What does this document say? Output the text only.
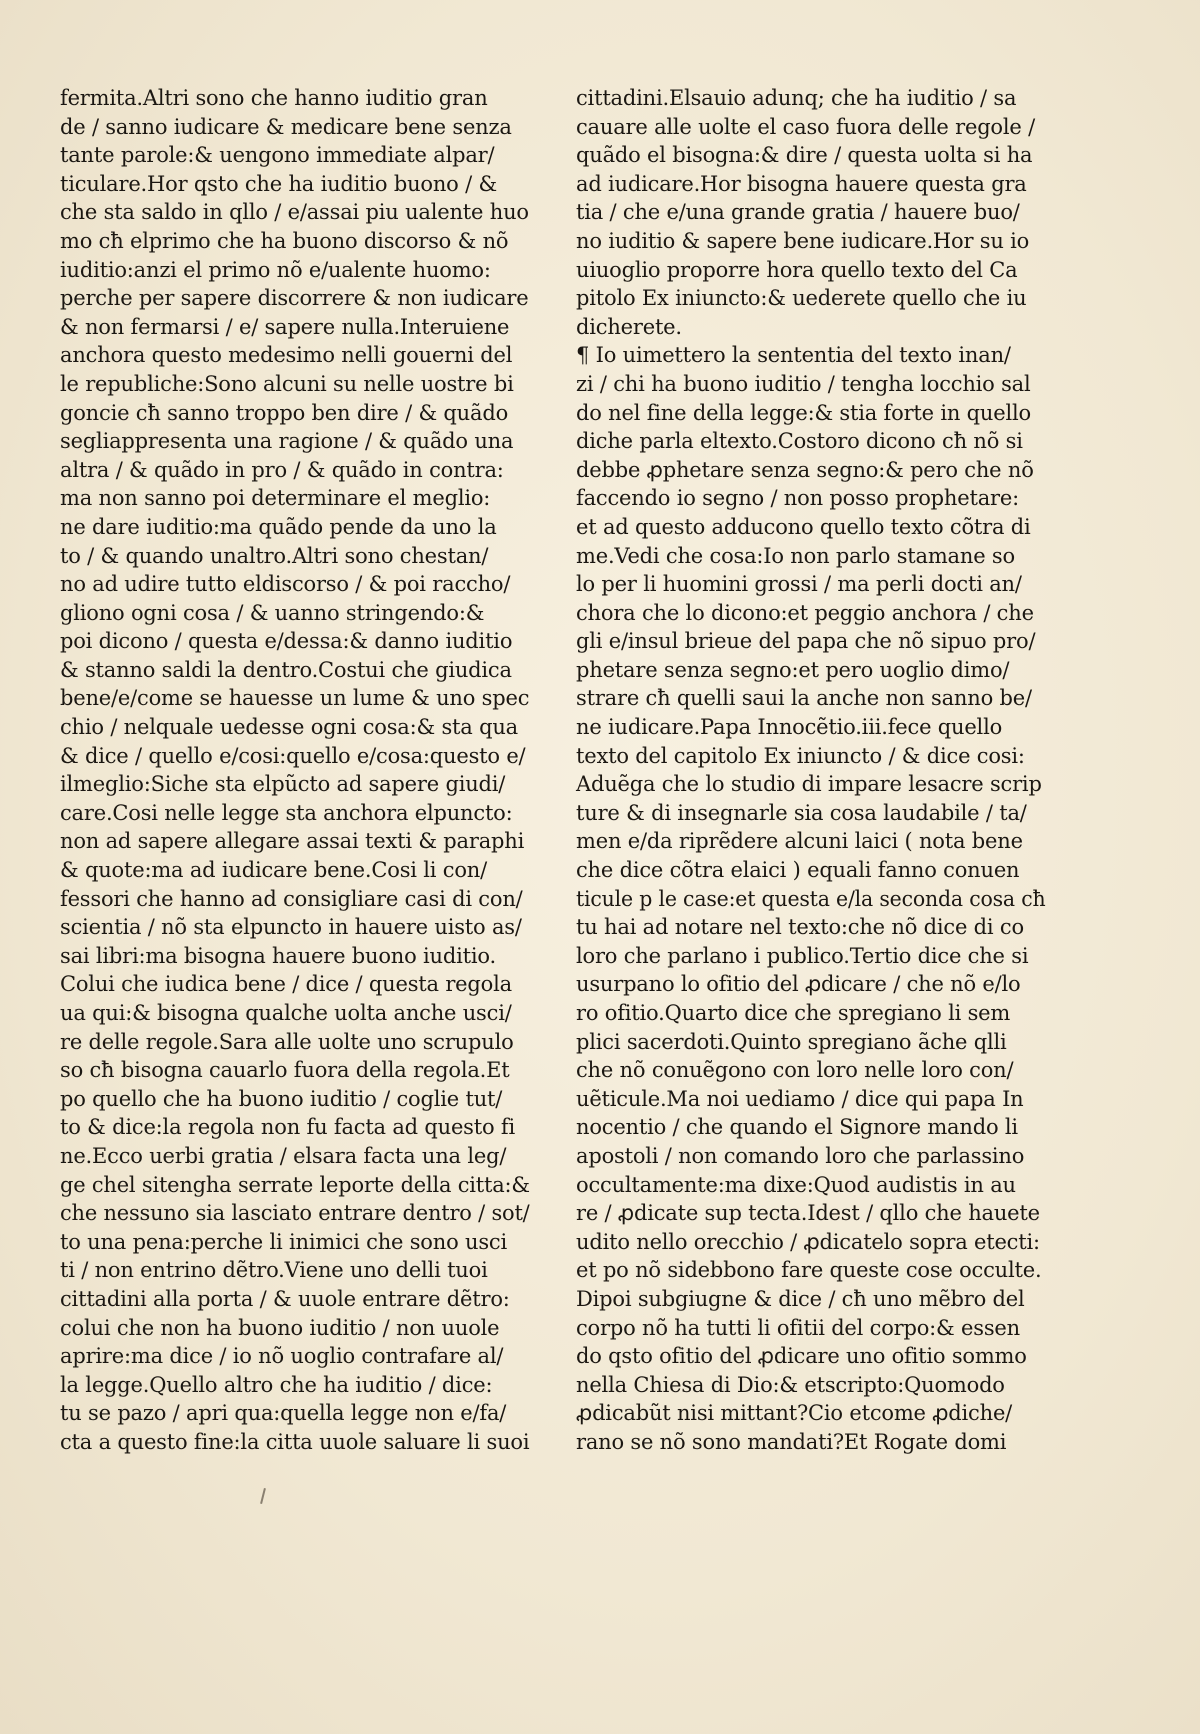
fermita.Altri sono che hanno iuditio gran
de / sanno iudicare & medicare bene senza
tante parole:& uengono immediate alpar/
ticulare.Hor qsto che ha iuditio buono / &
che sta saldo in qllo / e/assai piu ualente huo
mo cħ elprimo che ha buono discorso & nõ
iuditio:anzi el primo nõ e/ualente huomo:
perche per sapere discorrere & non iudicare
& non fermarsi / e/ sapere nulla.Interuiene
anchora questo medesimo nelli gouerni del
le republiche:Sono alcuni su nelle uostre bi
goncie cħ sanno troppo ben dire / & quãdo
segliappresenta una ragione / & quãdo una
altra / & quãdo in pro / & quãdo in contra:
ma non sanno poi determinare el meglio:
ne dare iuditio:ma quãdo pende da uno la
to / & quando unaltro.Altri sono chestan/
no ad udire tutto eldiscorso / & poi raccho/
gliono ogni cosa / & uanno stringendo:&
poi dicono / questa e/dessa:& danno iuditio
& stanno saldi la dentro.Costui che giudica
bene/e/come se hauesse un lume & uno spec
chio / nelquale uedesse ogni cosa:& sta qua
& dice / quello e/cosi:quello e/cosa:questo e/
ilmeglio:Siche sta elpũcto ad sapere giudi/
care.Cosi nelle legge sta anchora elpuncto:
non ad sapere allegare assai texti & paraphi
& quote:ma ad iudicare bene.Cosi li con/
fessori che hanno ad consigliare casi di con/
scientia / nõ sta elpuncto in hauere uisto as/
sai libri:ma bisogna hauere buono iuditio.
Colui che iudica bene / dice / questa regola
ua qui:& bisogna qualche uolta anche usci/
re delle regole.Sara alle uolte uno scrupulo
so cħ bisogna cauarlo fuora della regola.Et
po quello che ha buono iuditio / coglie tut/
to & dice:la regola non fu facta ad questo fi
ne.Ecco uerbi gratia / elsara facta una leg/
ge chel sitengha serrate leporte della citta:&
che nessuno sia lasciato entrare dentro / sot/
to una pena:perche li inimici che sono usci
ti / non entrino dẽtro.Viene uno delli tuoi
cittadini alla porta / & uuole entrare dẽtro:
colui che non ha buono iuditio / non uuole
aprire:ma dice / io nõ uoglio contrafare al/
la legge.Quello altro che ha iuditio / dice:
tu se pazo / apri qua:quella legge non e/fa/
cta a questo fine:la citta uuole saluare li suoi
cittadini.Elsauio adunq; che ha iuditio / sa
cauare alle uolte el caso fuora delle regole /
quãdo el bisogna:& dire / questa uolta si ha
ad iudicare.Hor bisogna hauere questa gra
tia / che e/una grande gratia / hauere buo/
no iuditio & sapere bene iudicare.Hor su io
uiuoglio proporre hora quello texto del Ca
pitolo Ex iniuncto:& uederete quello che iu
dicherete.
¶ Io uimettero la sententia del texto inan/
zi / chi ha buono iuditio / tengha locchio sal
do nel fine della legge:& stia forte in quello
diche parla eltexto.Costoro dicono cħ nõ si
debbe ꝓphetare senza segno:& pero che nõ
faccendo io segno / non posso prophetare:
et ad questo adducono quello texto cõtra di
me.Vedi che cosa:Io non parlo stamane so
lo per li huomini grossi / ma perli docti an/
chora che lo dicono:et peggio anchora / che
gli e/insul brieue del papa che nõ sipuo pro/
phetare senza segno:et pero uoglio dimo/
strare cħ quelli saui la anche non sanno be/
ne iudicare.Papa Innocẽtio.iii.fece quello
texto del capitolo Ex iniuncto / & dice cosi:
Aduẽga che lo studio di impare lesacre scrip
ture & di insegnarle sia cosa laudabile / ta/
men e/da riprẽdere alcuni laici ( nota bene
che dice cõtra elaici ) equali fanno conuen
ticule p le case:et questa e/la seconda cosa cħ
tu hai ad notare nel texto:che nõ dice di co
loro che parlano i publico.Tertio dice che si
usurpano lo ofitio del ꝓdicare / che nõ e/lo
ro ofitio.Quarto dice che spregiano li sem
plici sacerdoti.Quinto spregiano ãche qlli
che nõ conuẽgono con loro nelle loro con/
uẽticule.Ma noi uediamo / dice qui papa In
nocentio / che quando el Signore mando li
apostoli / non comando loro che parlassino
occultamente:ma dixe:Quod audistis in au
re / ꝓdicate sup tecta.Idest / qllo che hauete
udito nello orecchio / ꝓdicatelo sopra etecti:
et po nõ sidebbono fare queste cose occulte.
Dipoi subgiugne & dice / cħ uno mẽbro del
corpo nõ ha tutti li ofitii del corpo:& essen
do qsto ofitio del ꝓdicare uno ofitio sommo
nella Chiesa di Dio:& etscripto:Quomodo
ꝓdicabũt nisi mittant?Cio etcome ꝓdiche/
rano se nõ sono mandati?Et Rogate domi
